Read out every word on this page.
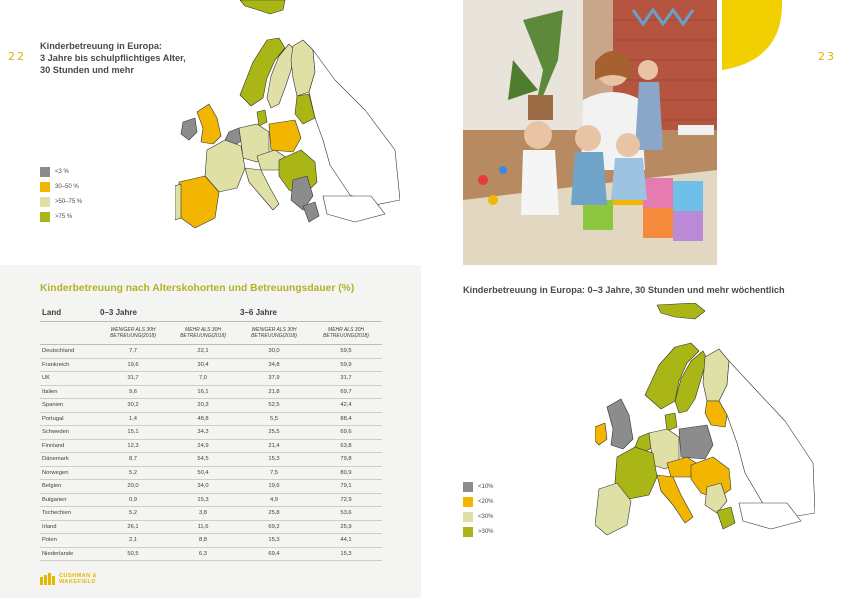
22	23
Kinderbetreuung in Europa:
3 Jahre bis schulpflichtiges Alter,
30 Stunden und mehr
<3 %
30–50 %
>50–75 %
>75 %
Kinderbetreuung in Europa: 0–3 Jahre, 30 Stunden und mehr wöchentlich
<10%
<20%
<30%
>30%
Kinderbetreuung nach Alterskohorten und Betreuungsdauer (%)
Land	0–3 Jahre		3–6 Jahre	
	WENIGER ALS 30H BETREUUNG(2018)	MEHR ALS 30H BETREUUNG(2018)	WENIGER ALS 30H BETREUUNG(2018)	MEHR ALS 30H BETREUUNG(2018)
Deutschland	7,7	22,1	30,0	59,5
Frankreich	19,6	30,4	34,8	59,9
UK	31,7	7,0	37,9	31,7
Italien	9,6	16,1	21,8	69,7
Spanien	30,2	20,3	52,5	42,4
Portugal	1,4	48,8	5,5	88,4
Schweden	15,1	34,3	25,5	69,6
Finnland	12,3	24,9	21,4	63,8
Dänemark	8,7	54,5	15,3	79,8
Norwegen	5,2	50,4	7,5	80,9
Belgien	20,0	34,0	19,6	79,1
Bulgarien	0,9	15,3	4,9	72,9
Tschechien	5,2	3,8	25,8	53,6
Irland	26,1	11,6	69,2	25,9
Polen	2,1	8,8	15,3	44,1
Niederlande	50,5	6,3	69,4	15,3
CUSHMAN &
WAKEFIELD
